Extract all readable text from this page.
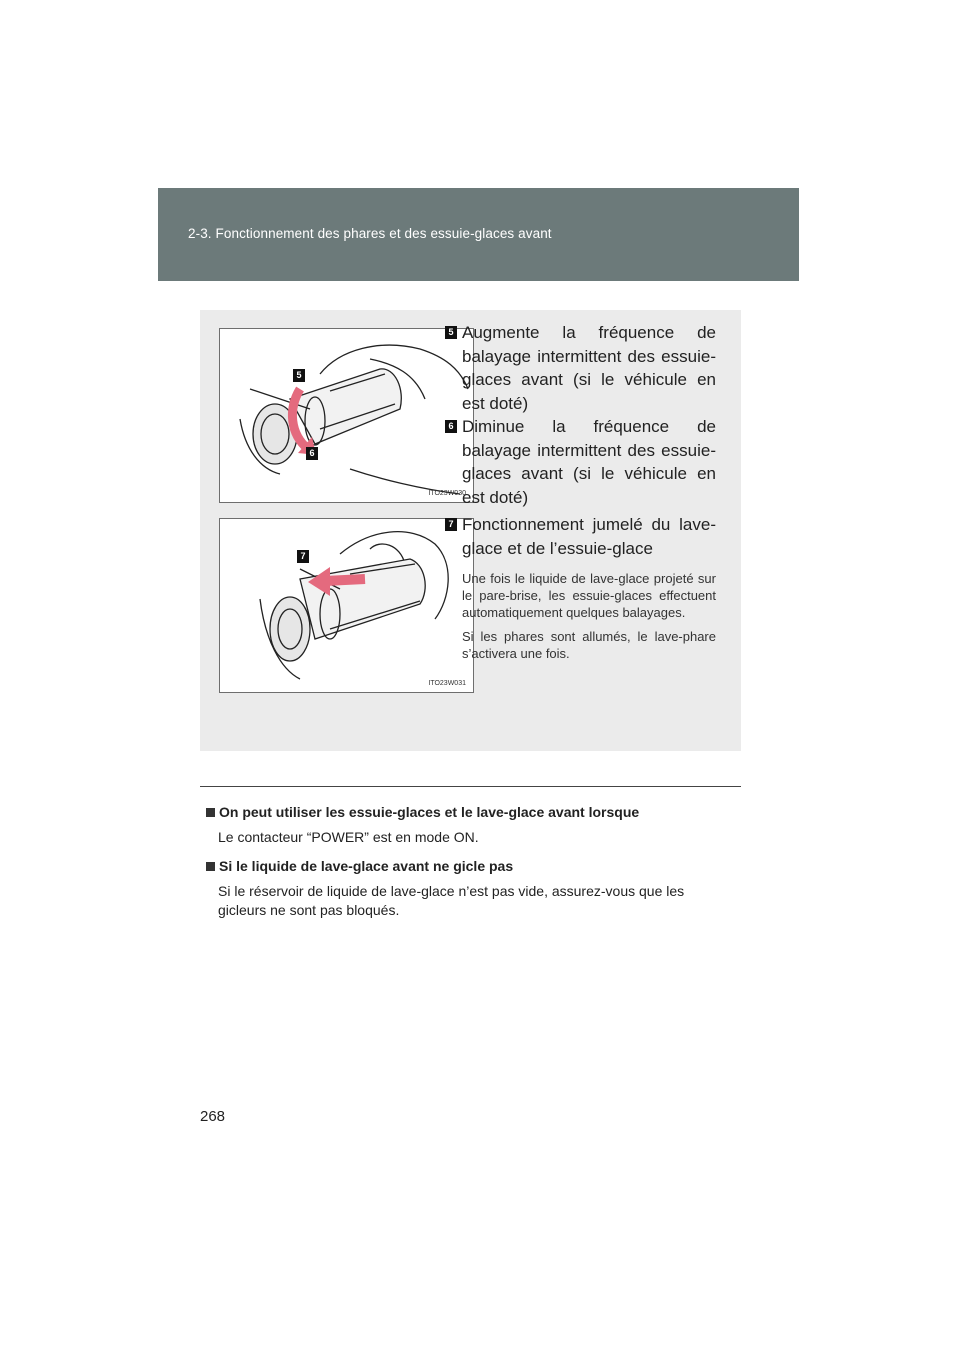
2-3. Fonctionnement des phares et des essuie-glaces avant
5
6
ITO23W030
7
ITO23W031
5 Augmente la fréquence de balayage intermittent des essuie-glaces avant (si le véhicule en est doté)
6 Diminue la fréquence de balayage intermittent des essuie-glaces avant (si le véhicule en est doté)
7 Fonctionnement jumelé du lave-glace et de l’essuie-glace
Une fois le liquide de lave-glace projeté sur le pare-brise, les essuie-glaces effectuent automatiquement quelques balayages.
Si les phares sont allumés, le lave-phare s’activera une fois.
On peut utiliser les essuie-glaces et le lave-glace avant lorsque
Le contacteur “POWER” est en mode ON.
Si le liquide de lave-glace avant ne gicle pas
Si le réservoir de liquide de lave-glace n’est pas vide, assurez-vous que les gicleurs ne sont pas bloqués.
268
